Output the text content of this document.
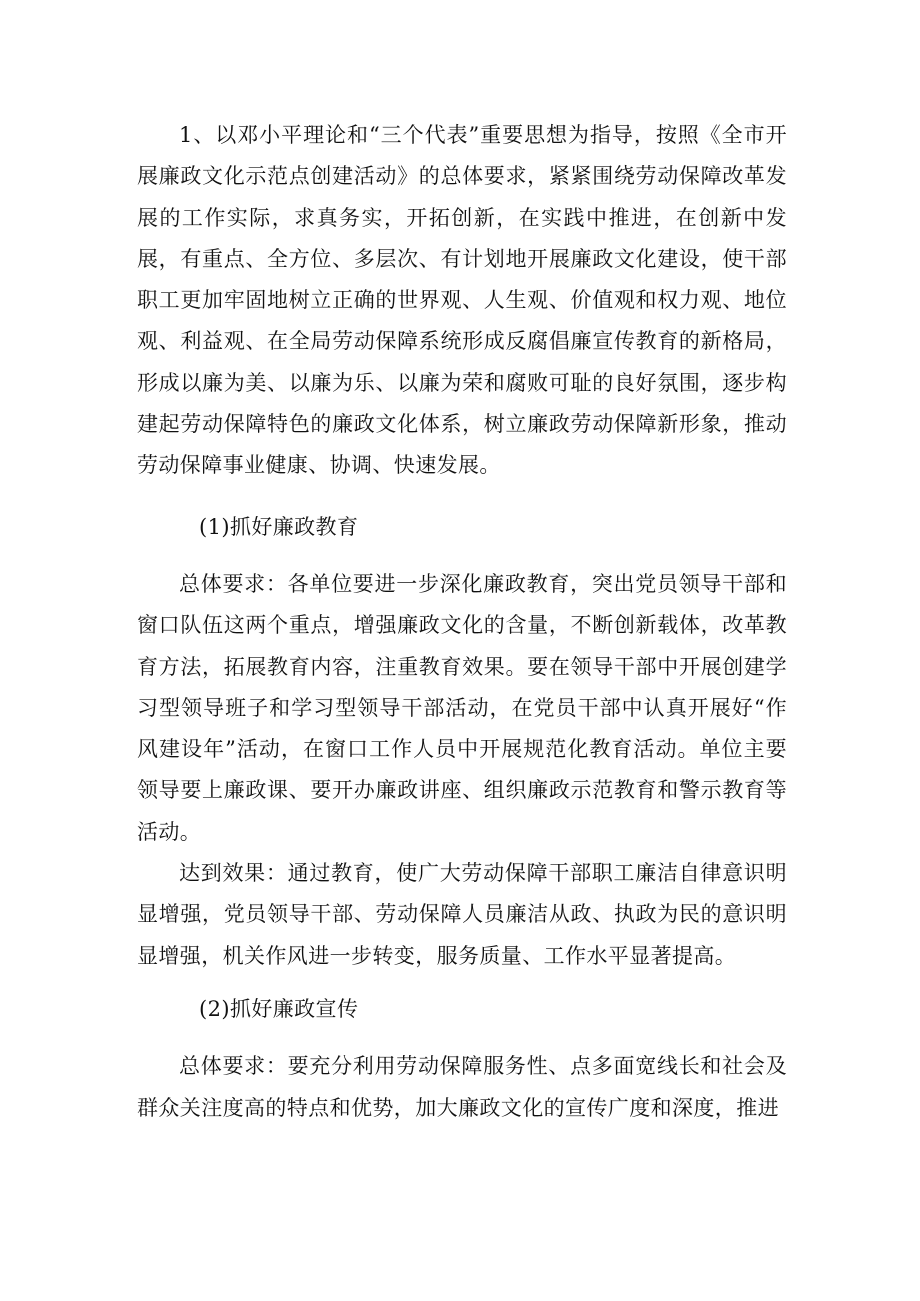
1、以邓小平理论和“三个代表”重要思想为指导，按照《全市开展廉政文化示范点创建活动》的总体要求，紧紧围绕劳动保障改革发展的工作实际，求真务实，开拓创新，在实践中推进，在创新中发展，有重点、全方位、多层次、有计划地开展廉政文化建设，使干部职工更加牢固地树立正确的世界观、人生观、价值观和权力观、地位观、利益观、在全局劳动保障系统形成反腐倡廉宣传教育的新格局，形成以廉为美、以廉为乐、以廉为荣和腐败可耻的良好氛围，逐步构建起劳动保障特色的廉政文化体系，树立廉政劳动保障新形象，推动劳动保障事业健康、协调、快速发展。

(1)抓好廉政教育

总体要求：各单位要进一步深化廉政教育，突出党员领导干部和窗口队伍这两个重点，增强廉政文化的含量，不断创新载体，改革教育方法，拓展教育内容，注重教育效果。要在领导干部中开展创建学习型领导班子和学习型领导干部活动，在党员干部中认真开展好“作风建设年”活动，在窗口工作人员中开展规范化教育活动。单位主要领导要上廉政课、要开办廉政讲座、组织廉政示范教育和警示教育等活动。

达到效果：通过教育，使广大劳动保障干部职工廉洁自律意识明显增强，党员领导干部、劳动保障人员廉洁从政、执政为民的意识明显增强，机关作风进一步转变，服务质量、工作水平显著提高。

(2)抓好廉政宣传

总体要求：要充分利用劳动保障服务性、点多面宽线长和社会及群众关注度高的特点和优势，加大廉政文化的宣传广度和深度，推进
